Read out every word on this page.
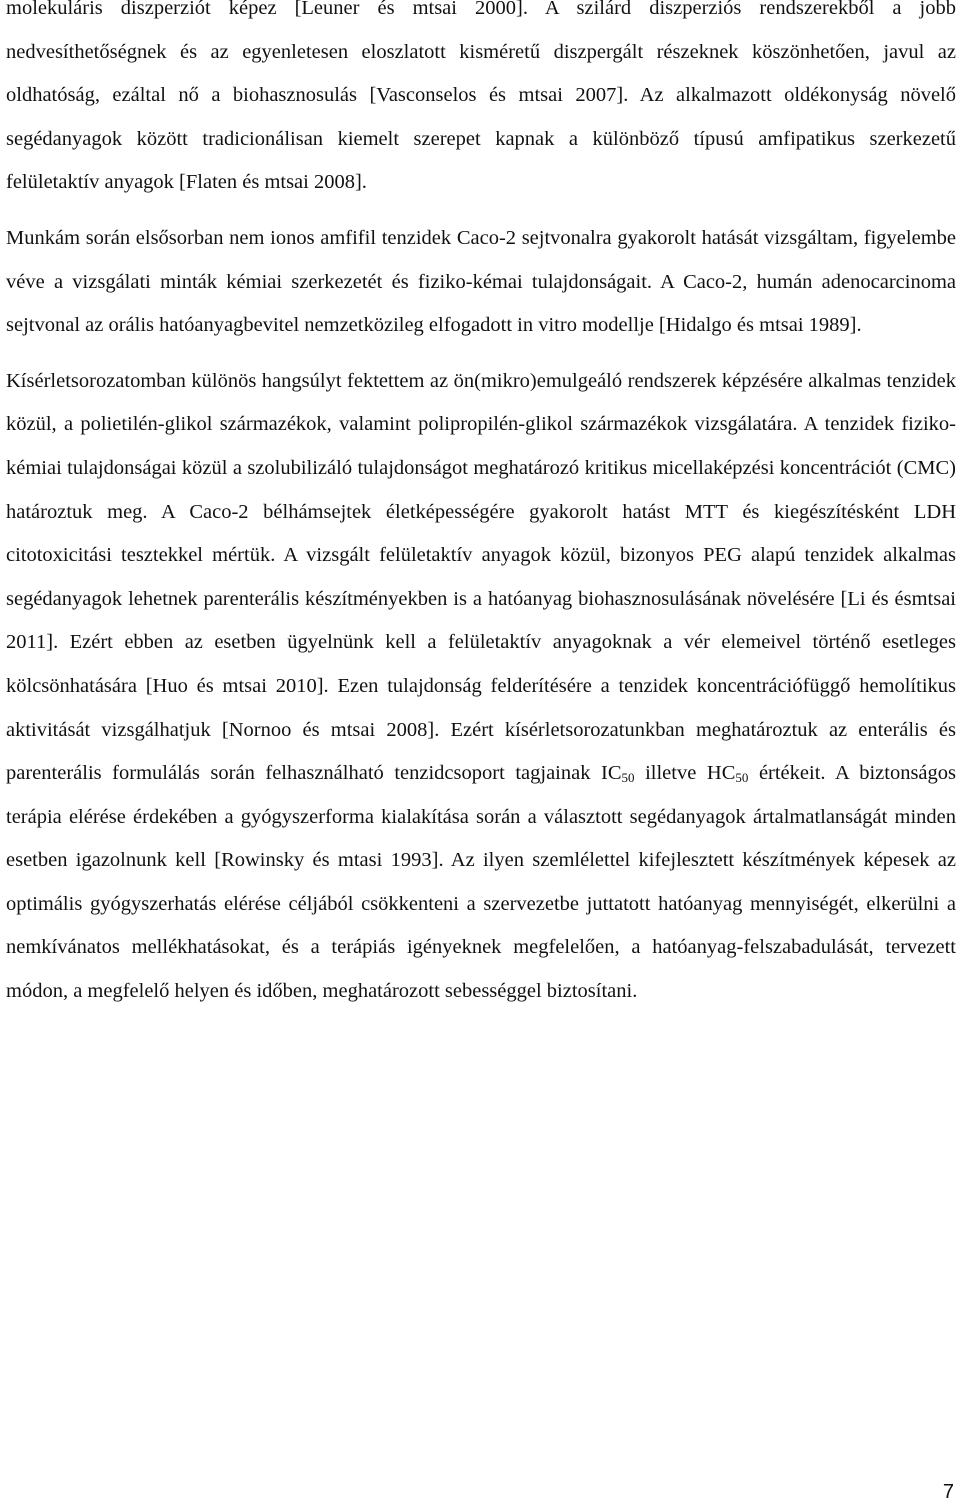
molekuláris diszperziót képez [Leuner és mtsai 2000]. A szilárd diszperziós rendszerekből a jobb nedvesíthetőségnek és az egyenletesen eloszlatott kisméretű diszpergált részeknek köszönhetően, javul az oldhatóság, ezáltal nő a biohasznosulás [Vasconselos és mtsai 2007]. Az alkalmazott oldékonyság növelő segédanyagok között tradicionálisan kiemelt szerepet kapnak a különböző típusú amfipatikus szerkezetű felületaktív anyagok [Flaten és mtsai 2008].

Munkám során elsősorban nem ionos amfifil tenzidek Caco-2 sejtvonalra gyakorolt hatását vizsgáltam, figyelembe véve a vizsgálati minták kémiai szerkezetét és fiziko-kémai tulajdonságait. A Caco-2, humán adenocarcinoma sejtvonal az orális hatóanyagbevitel nemzetközileg elfogadott in vitro modellje [Hidalgo és mtsai 1989].

Kísérletsorozatomban különös hangsúlyt fektettem az ön(mikro)emulgeáló rendszerek képzésére alkalmas tenzidek közül, a polietilén-glikol származékok, valamint polipropilén-glikol származékok vizsgálatára. A tenzidek fiziko-kémiai tulajdonságai közül a szolubilizáló tulajdonságot meghatározó kritikus micellaképzési koncentrációt (CMC) határoztuk meg. A Caco-2 bélhámsejtek életképességére gyakorolt hatást MTT és kiegészítésként LDH citotoxicitási tesztekkel mértük. A vizsgált felületaktív anyagok közül, bizonyos PEG alapú tenzidek alkalmas segédanyagok lehetnek parenterális készítményekben is a hatóanyag biohasznosulásának növelésére [Li és ésmtsai 2011]. Ezért ebben az esetben ügyelnünk kell a felületaktív anyagoknak a vér elemeivel történő esetleges kölcsönhatására [Huo és mtsai 2010]. Ezen tulajdonság felderítésére a tenzidek koncentrációfüggő hemolítikus aktivitását vizsgálhatjuk [Nornoo és mtsai 2008]. Ezért kísérletsorozatunkban meghatároztuk az enterális és parenterális formulálás során felhasználható tenzidcsoport tagjainak $IC_{50}$ illetve $HC_{50}$ értékeit. A biztonságos terápia elérése érdekében a gyógyszerforma kialakítása során a választott segédanyagok ártalmatlanságát minden esetben igazolnunk kell [Rowinsky és mtasi 1993]. Az ilyen szemlélettel kifejlesztett készítmények képesek az optimális gyógyszerhatás elérése céljából csökkenteni a szervezetbe juttatott hatóanyag mennyiségét, elkerülni a nemkívánatos mellékhatásokat, és a terápiás igényeknek megfelelően, a hatóanyag-felszabadulását, tervezett módon, a megfelelő helyen és időben, meghatározott sebességgel biztosítani.

7
